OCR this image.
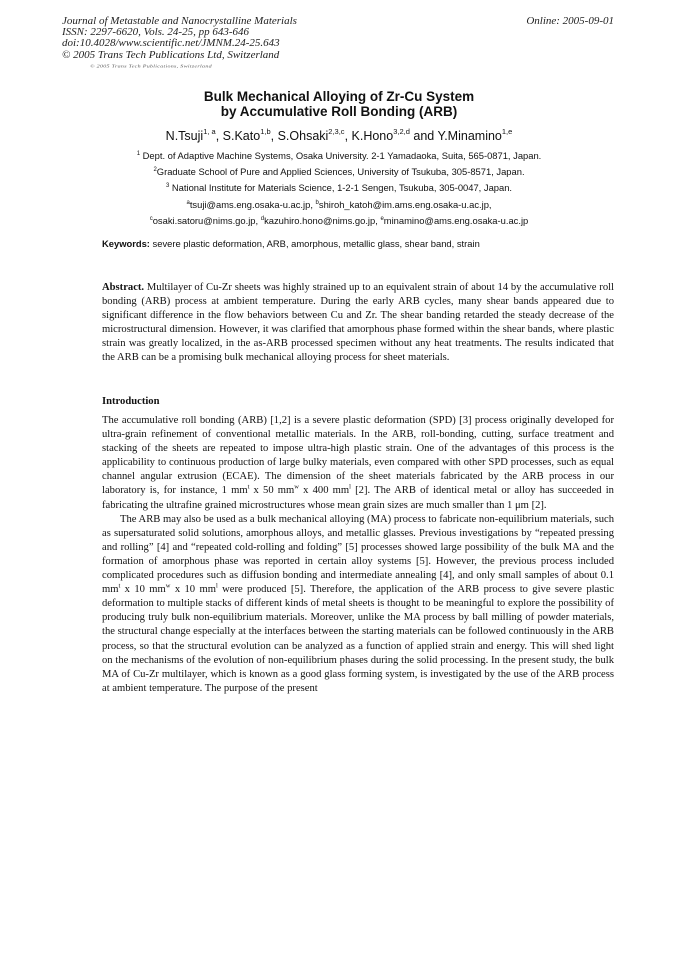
Journal of Metastable and Nanocrystalline Materials
ISSN: 2297-6620, Vols. 24-25, pp 643-646
doi:10.4028/www.scientific.net/JMNM.24-25.643
© 2005 Trans Tech Publications Ltd, Switzerland
Online: 2005-09-01
© 2005 Trans Tech Publications, Switzerland
Bulk Mechanical Alloying of Zr-Cu System
by Accumulative Roll Bonding (ARB)
N.Tsuji$^{1, a}$, S.Kato$^{1,b}$, S.Ohsaki$^{2,3,c}$, K.Hono$^{3,2,d}$ and Y.Minamino$^{1,e}$
$^1$ Dept. of Adaptive Machine Systems, Osaka University. 2-1 Yamadaoka, Suita, 565-0871, Japan.
$^2$Graduate School of Pure and Applied Sciences, University of Tsukuba, 305-8571, Japan.
$^3$ National Institute for Materials Science, 1-2-1 Sengen, Tsukuba, 305-0047, Japan.
$^a$tsuji@ams.eng.osaka-u.ac.jp, $^b$shiroh_katoh@im.ams.eng.osaka-u.ac.jp,
$^c$osaki.satoru@nims.go.jp, $^d$kazuhiro.hono@nims.go.jp, $^e$minamino@ams.eng.osaka-u.ac.jp
Keywords: severe plastic deformation, ARB, amorphous, metallic glass, shear band, strain
Abstract. Multilayer of Cu-Zr sheets was highly strained up to an equivalent strain of about 14 by the accumulative roll bonding (ARB) process at ambient temperature. During the early ARB cycles, many shear bands appeared due to significant difference in the flow behaviors between Cu and Zr. The shear banding retarded the steady decrease of the microstructural dimension. However, it was clarified that amorphous phase formed within the shear bands, where plastic strain was greatly localized, in the as-ARB processed specimen without any heat treatments. The results indicated that the ARB can be a promising bulk mechanical alloying process for sheet materials.
Introduction

The accumulative roll bonding (ARB) [1,2] is a severe plastic deformation (SPD) [3] process originally developed for ultra-grain refinement of conventional metallic materials. In the ARB, roll-bonding, cutting, surface treatment and stacking of the sheets are repeated to impose ultra-high plastic strain. One of the advantages of this process is the applicability to continuous production of large bulky materials, even compared with other SPD processes, such as equal channel angular extrusion (ECAE). The dimension of the sheet materials fabricated by the ARB process in our laboratory is, for instance, 1 $mm^t$ x 50 $mm^w$ x 400 $mm^l$ [2]. The ARB of identical metal or alloy has succeeded in fabricating the ultrafine grained microstructures whose mean grain sizes are much smaller than 1 μm [2].

The ARB may also be used as a bulk mechanical alloying (MA) process to fabricate non-equilibrium materials, such as supersaturated solid solutions, amorphous alloys, and metallic glasses. Previous investigations by “repeated pressing and rolling” [4] and “repeated cold-rolling and folding” [5] processes showed large possibility of the bulk MA and the formation of amorphous phase was reported in certain alloy systems [5]. However, the previous process included complicated procedures such as diffusion bonding and intermediate annealing [4], and only small samples of about 0.1 $mm^t$ x 10 $mm^w$ x 10 $mm^l$ were produced [5]. Therefore, the application of the ARB process to give severe plastic deformation to multiple stacks of different kinds of metal sheets is thought to be meaningful to explore the possibility of producing truly bulk non-equilibrium materials. Moreover, unlike the MA process by ball milling of powder materials, the structural change especially at the interfaces between the starting materials can be followed continuously in the ARB process, so that the structural evolution can be analyzed as a function of applied strain and energy. This will shed light on the mechanisms of the evolution of non-equilibrium phases during the solid processing. In the present study, the bulk MA of Cu-Zr multilayer, which is known as a good glass forming system, is investigated by the use of the ARB process at ambient temperature. The purpose of the present
